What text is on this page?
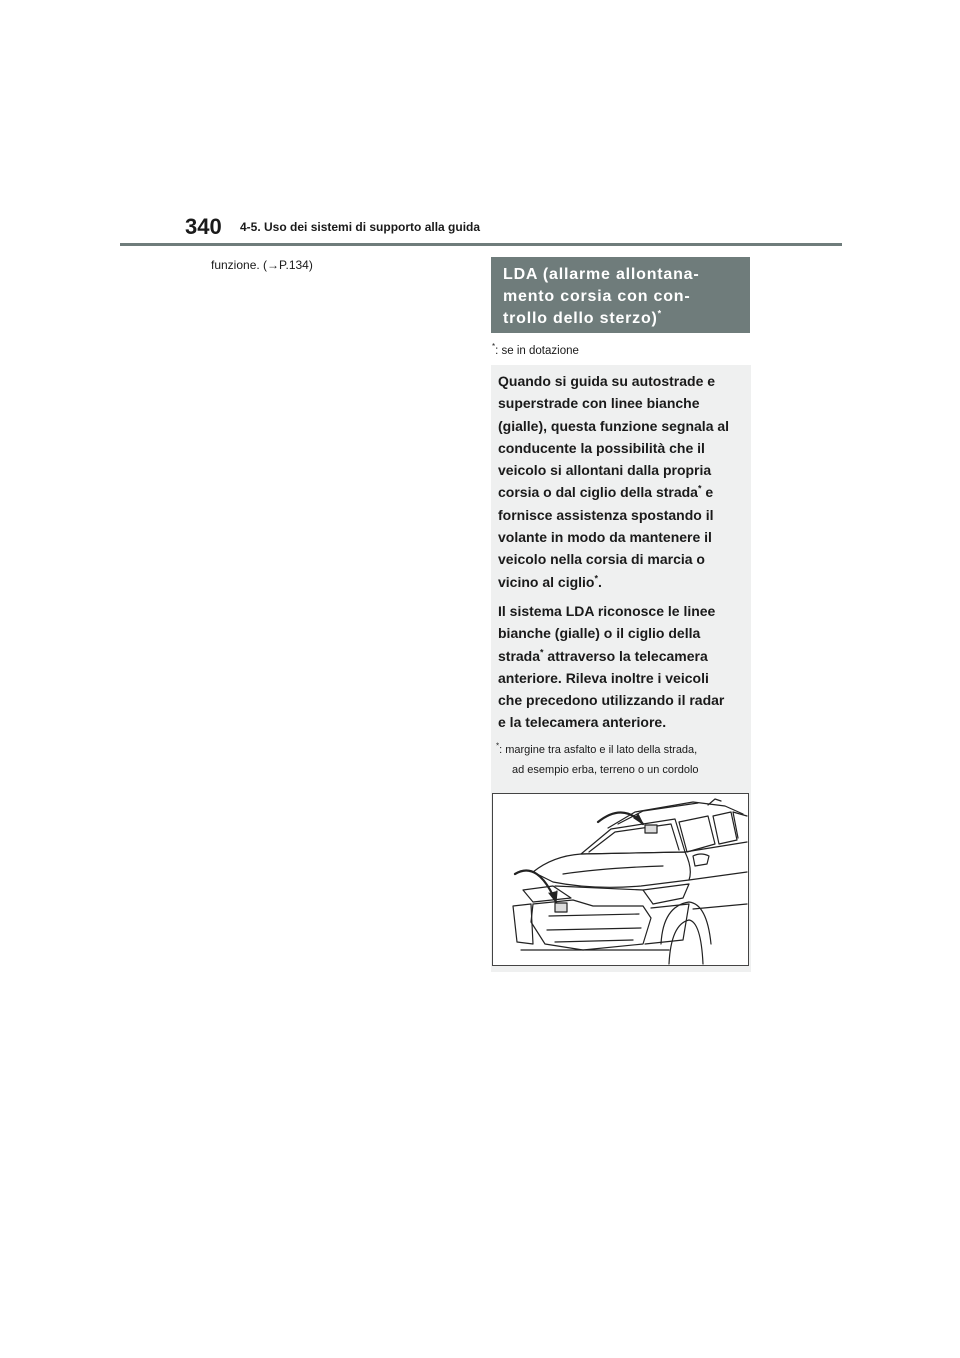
340 4-5. Uso dei sistemi di supporto alla guida
funzione. (→P.134)
LDA (allarme allontana-
mento corsia con con-
trollo dello sterzo)*
*: se in dotazione
Quando si guida su autostrade e
superstrade con linee bianche
(gialle), questa funzione segnala al
conducente la possibilità che il
veicolo si allontani dalla propria
corsia o dal ciglio della strada* e
fornisce assistenza spostando il
volante in modo da mantenere il
veicolo nella corsia di marcia o
vicino al ciglio*.
Il sistema LDA riconosce le linee
bianche (gialle) o il ciglio della
strada* attraverso la telecamera
anteriore. Rileva inoltre i veicoli
che precedono utilizzando il radar
e la telecamera anteriore.
*: margine tra asfalto e il lato della strada,
ad esempio erba, terreno o un cordolo
